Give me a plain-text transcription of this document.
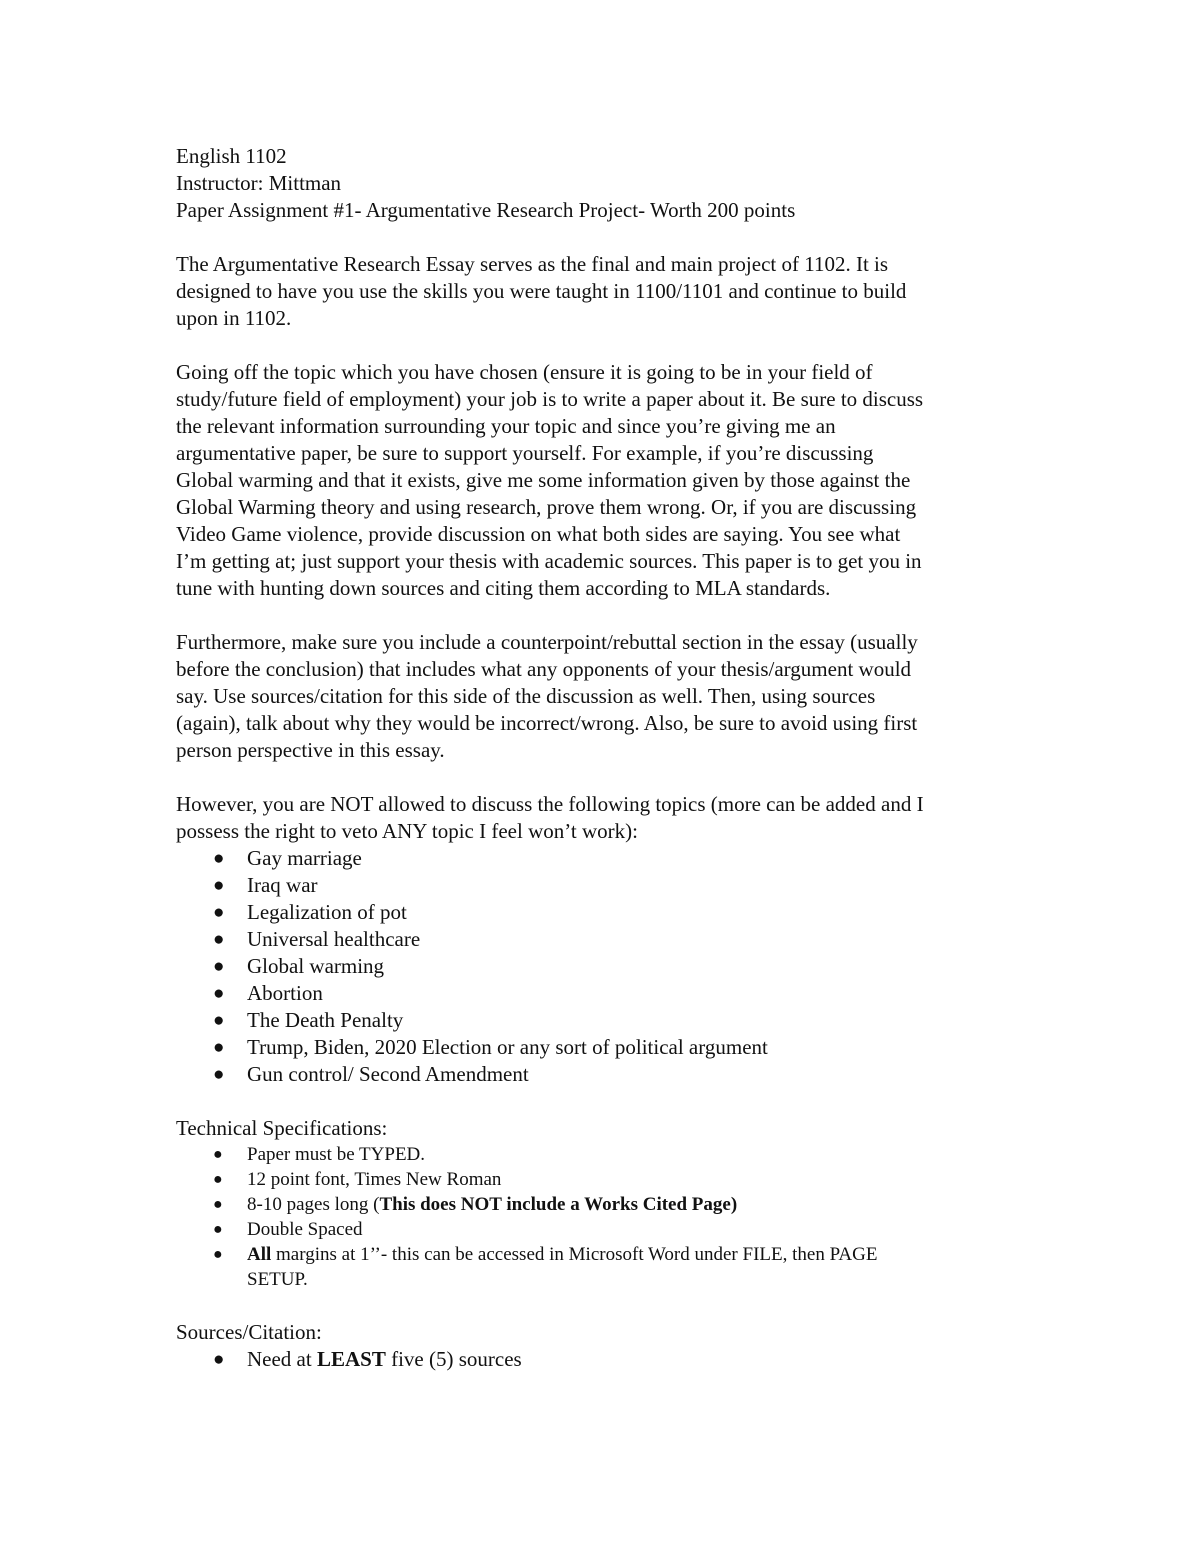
English 1102
Instructor: Mittman
Paper Assignment #1- Argumentative Research Project- Worth 200 points
The Argumentative Research Essay serves as the final and main project of 1102. It is
designed to have you use the skills you were taught in 1100/1101 and continue to build
upon in 1102.
Going off the topic which you have chosen (ensure it is going to be in your field of
study/future field of employment) your job is to write a paper about it. Be sure to discuss
the relevant information surrounding your topic and since you’re giving me an
argumentative paper, be sure to support yourself. For example, if you’re discussing
Global warming and that it exists, give me some information given by those against the
Global Warming theory and using research, prove them wrong. Or, if you are discussing
Video Game violence, provide discussion on what both sides are saying. You see what
I’m getting at; just support your thesis with academic sources. This paper is to get you in
tune with hunting down sources and citing them according to MLA standards.
Furthermore, make sure you include a counterpoint/rebuttal section in the essay (usually
before the conclusion) that includes what any opponents of your thesis/argument would
say. Use sources/citation for this side of the discussion as well. Then, using sources
(again), talk about why they would be incorrect/wrong. Also, be sure to avoid using first
person perspective in this essay.
However, you are NOT allowed to discuss the following topics (more can be added and I
possess the right to veto ANY topic I feel won’t work):
● Gay marriage
● Iraq war
● Legalization of pot
● Universal healthcare
● Global warming
● Abortion
● The Death Penalty
● Trump, Biden, 2020 Election or any sort of political argument
● Gun control/ Second Amendment
Technical Specifications:
● Paper must be TYPED.
● 12 point font, Times New Roman
● 8-10 pages long (This does NOT include a Works Cited Page)
● Double Spaced
● All margins at 1’’- this can be accessed in Microsoft Word under FILE, then PAGE
SETUP.
Sources/Citation:
● Need at LEAST five (5) sources
